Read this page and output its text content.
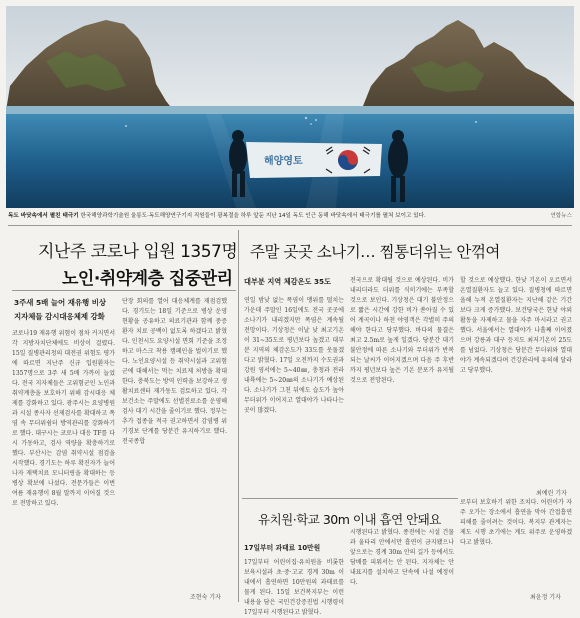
해양영토
독도 바닷속에서 펼친 태극기 한국해양과학기술원 울릉도·독도해양연구기지 직원들이 광복절을 하루 앞둔 지난 14일 독도 인근 동해 바닷속에서 태극기를 펼쳐 보이고 있다.	연합뉴스
지난주 코로나 입원 1357명
노인·취약계층 집중관리
3주새 5배 늘어 재유행 비상
지자체들 감시대응체제 강화
코로나19 재유행 위험이 점차 커지면서 각 지방자치단체에도 비상이 걸렸다. 15일 질병관리청의 대전권 위험도 평가에 따르면 지난주 신규 입원환자는 1357명으로 3주 새 5배 가까이 늘었다. 전국 지자체들은 고위험군인 노인과 취약계층을 보호하기 위해 감시대응 체제를 강화하고 있다. 광주시는 요양병원과 시설 종사자 선제검사를 확대하고 폭염 속 무더위쉼터 방역관리를 강화하기로 했다. 대구시는 코로나 대응 TF를 다시 가동하고, 검사 역량을 확충하기로 했다. 부산시는 감염 취약시설 점검을 시작했다. 경기도는 하루 확진자가 늘어나자 재택치료 모니터링을 확대하는 등 병상 확보에 나섰다. 전문가들은 이번 여름 재유행이 8월 말까지 이어질 것으로 전망하고 있다.
단장 회의를 열어 대응체계를 재점검했다. 경기도는 18일 기준으로 병상 운영 현황을 공유하고 의료기관과 함께 중증환자 치료 공백이 없도록 하겠다고 밝혔다. 인천시도 요양시설 면회 기준을 조정하고 마스크 착용 캠페인을 벌이기로 했다. 노인요양시설 등 취약시설과 고위험군에 대해서는 먹는 치료제 처방을 확대한다. 충북도는 방역 인력을 보강하고 생활치료센터 재가동도 검토하고 있다. 각 보건소는 주말에도 선별진료소를 운영해 검사 대기 시간을 줄이기로 했다. 정부는 추가 접종을 적극 권고하면서 감염병 위기경보 단계를 당분간 유지하기로 했다. 전국종합
조현숙 기자
주말 곳곳 소나기… 찜통더위는 안꺾여
대부분 지역 체감온도 35도
연일 밤낮 없는 폭염이 맹위를 떨치는 가운데 주말인 16일에도 전국 곳곳에 소나기가 내리겠지만 폭염은 계속될 전망이다. 기상청은 이날 낮 최고기온이 31~35도로 평년보다 높겠고 대부분 지역의 체감온도가 33도를 웃돌겠다고 밝혔다. 17일 오전까지 수도권과 강원 영서에는 5~40㎜, 충청과 전라 내륙에는 5~20㎜의 소나기가 예상된다. 소나기가 그친 뒤에도 습도가 높아 무더위가 이어지고 열대야가 나타나는 곳이 많겠다.
전국으로 확대될 것으로 예상된다. 비가 내리더라도 더위를 식히기에는 부족할 것으로 보인다. 기상청은 대기 불안정으로 짧은 시간에 강한 비가 쏟아질 수 있어 계곡이나 하천 야영객은 각별히 주의해야 한다고 당부했다. 바다의 물결은 최고 2.5m로 높게 일겠다. 당분간 대기 불안정에 따른 소나기와 무더위가 반복되는 날씨가 이어지겠으며 다음 주 후반까지 평년보다 높은 기온 분포가 유지될 것으로 전망된다.
할 것으로 예상했다. 한낮 기온이 오르면서 온열질환자도 늘고 있다. 질병청에 따르면 올해 누적 온열질환자는 지난해 같은 기간보다 크게 증가했다. 보건당국은 한낮 야외활동을 자제하고 물을 자주 마시라고 권고했다. 서울에서는 열대야가 나흘째 이어졌으며 강릉과 대구 등지도 최저기온이 25도를 넘었다. 기상청은 당분간 무더위와 열대야가 계속되겠다며 건강관리에 유의해 달라고 당부했다.
최예린 기자
유치원·학교 30m 이내 흡연 안돼요
17일부터 과태료 10만원
17일부터 어린이집·유치원을 비롯한 보육시설과 초·중·고교 경계 30m 이내에서 흡연하면 10만원의 과태료를 물게 된다. 15일 보건복지부는 이런 내용을 담은 국민건강증진법 시행령이 17일부터 시행된다고 밝혔다.
시행된다고 밝혔다. 종전에는 시설 건물과 울타리 안에서만 흡연이 금지됐으나 앞으로는 경계 30m 안의 길가 등에서도 담배를 피워서는 안 된다. 지자체는 안내표지를 설치하고 단속에 나설 예정이다.
로부터 보호하기 위한 조치다. 어린이가 자주 오가는 장소에서 흡연을 막아 간접흡연 피해를 줄이려는 것이다. 복지부 관계자는 제도 시행 초기에는 계도 위주로 운영하겠다고 밝혔다.
최윤정 기자
